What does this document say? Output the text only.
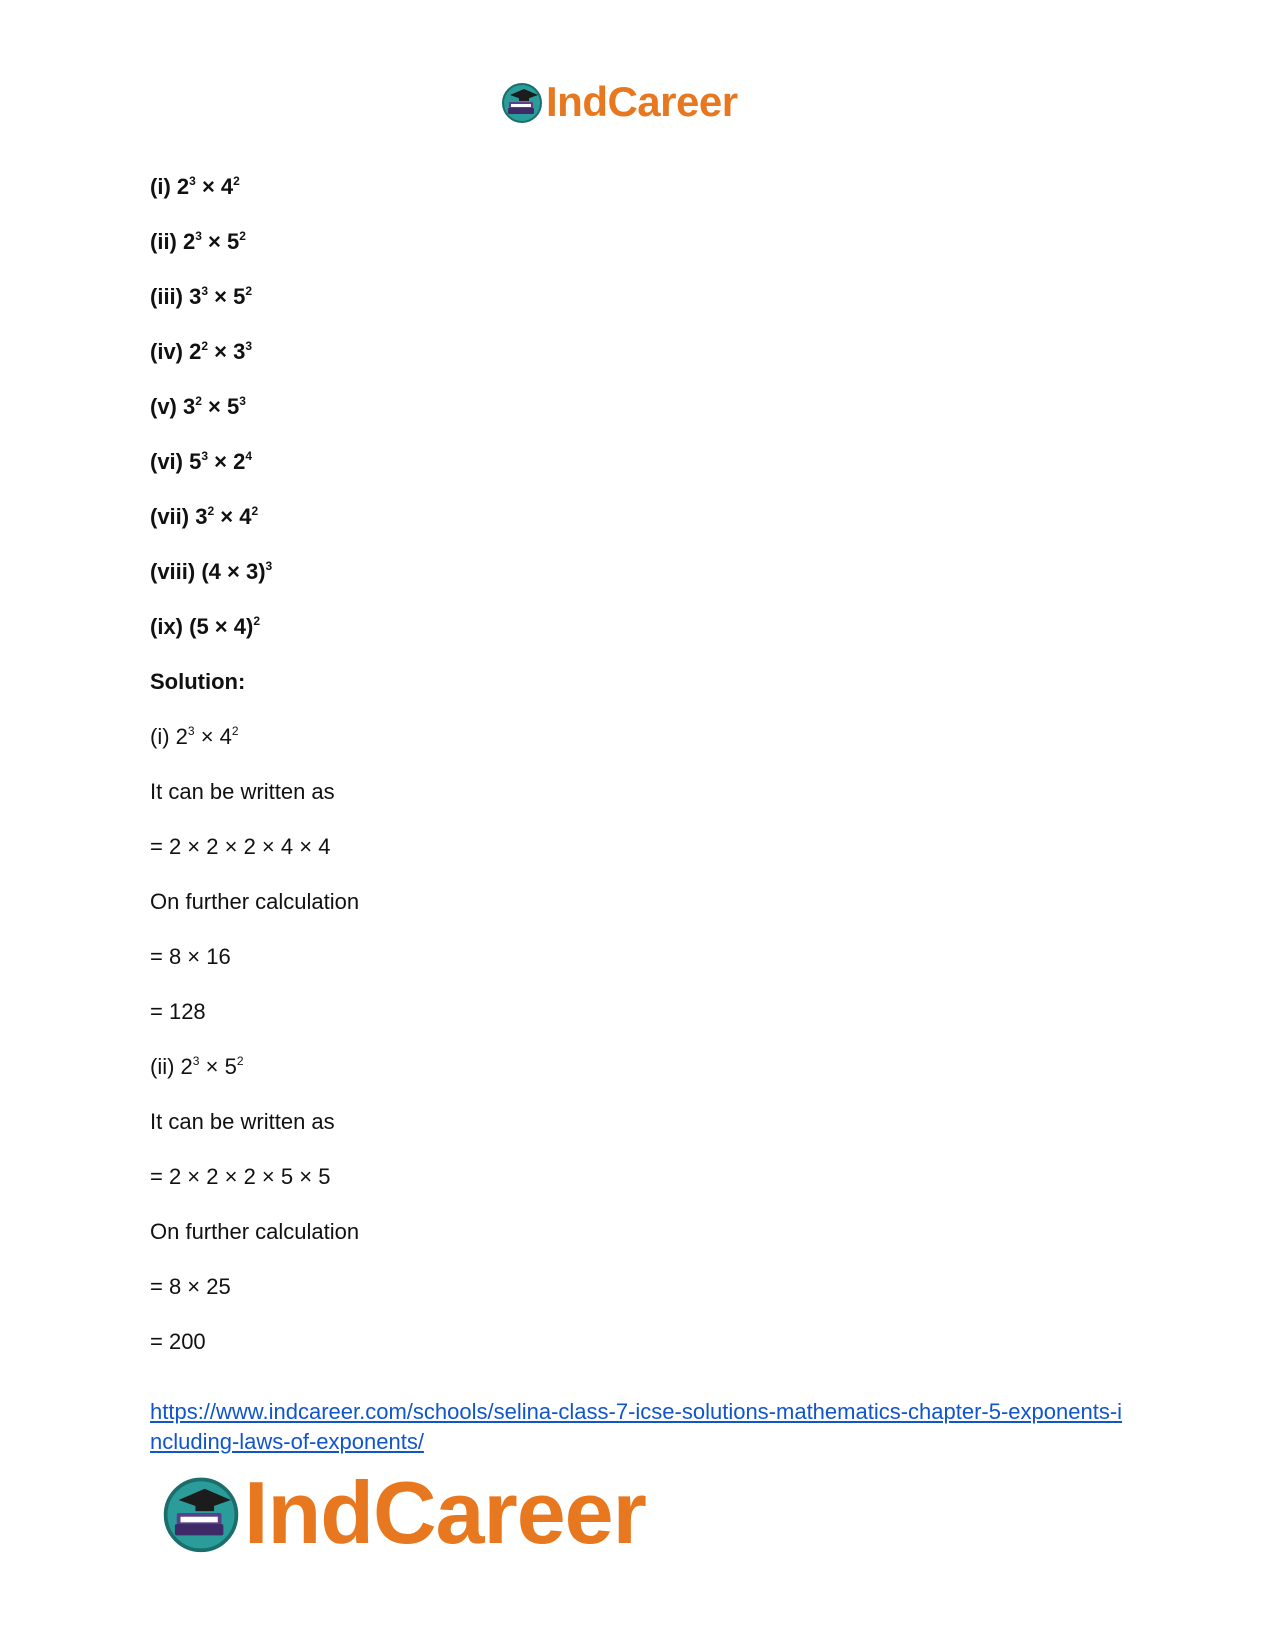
IndCareer
(i) $2^3 \times 4^2$
(ii) $2^3 \times 5^2$
(iii) $3^3 \times 5^2$
(iv) $2^2 \times 3^3$
(v) $3^2 \times 5^3$
(vi) $5^3 \times 2^4$
(vii) $3^2 \times 4^2$
(viii) $(4 \times 3)^3$
(ix) $(5 \times 4)^2$
Solution:
(i) $2^3 \times 4^2$
It can be written as
= 2 × 2 × 2 × 4 × 4
On further calculation
= 8 × 16
= 128
(ii) $2^3 \times 5^2$
It can be written as
= 2 × 2 × 2 × 5 × 5
On further calculation
= 8 × 25
= 200
https://www.indcareer.com/schools/selina-class-7-icse-solutions-mathematics-chapter-5-exponents-including-laws-of-exponents/
IndCareer
